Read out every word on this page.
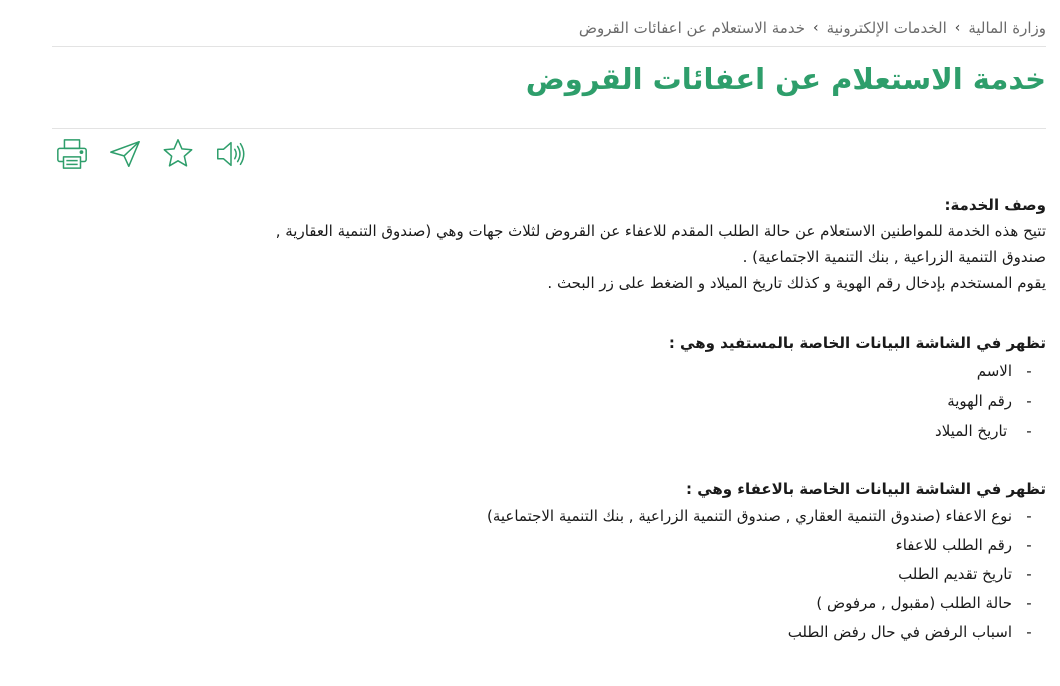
وزارة المالية
›
الخدمات الإلكترونية
›
خدمة الاستعلام عن اعفائات القروض
خدمة الاستعلام عن اعفائات القروض
وصف الخدمة:
تتيح هذه الخدمة للمواطنين الاستعلام عن حالة الطلب المقدم للاعفاء عن القروض لثلاث جهات وهي (صندوق التنمية العقارية ,
صندوق التنمية الزراعية , بنك التنمية الاجتماعية) .
يقوم المستخدم بإدخال رقم الهوية و كذلك تاريخ الميلاد و الضغط على زر البحث .
تظهر في الشاشة البيانات الخاصة بالمستفيد وهي :
-الاسم
-رقم الهوية
- تاريخ الميلاد
تظهر في الشاشة البيانات الخاصة بالاعفاء وهي :
-نوع الاعفاء (صندوق التنمية العقاري , صندوق التنمية الزراعية , بنك التنمية الاجتماعية)
-رقم الطلب للاعفاء
-تاريخ تقديم الطلب
-حالة الطلب (مقبول , مرفوض )
-اسباب الرفض في حال رفض الطلب
